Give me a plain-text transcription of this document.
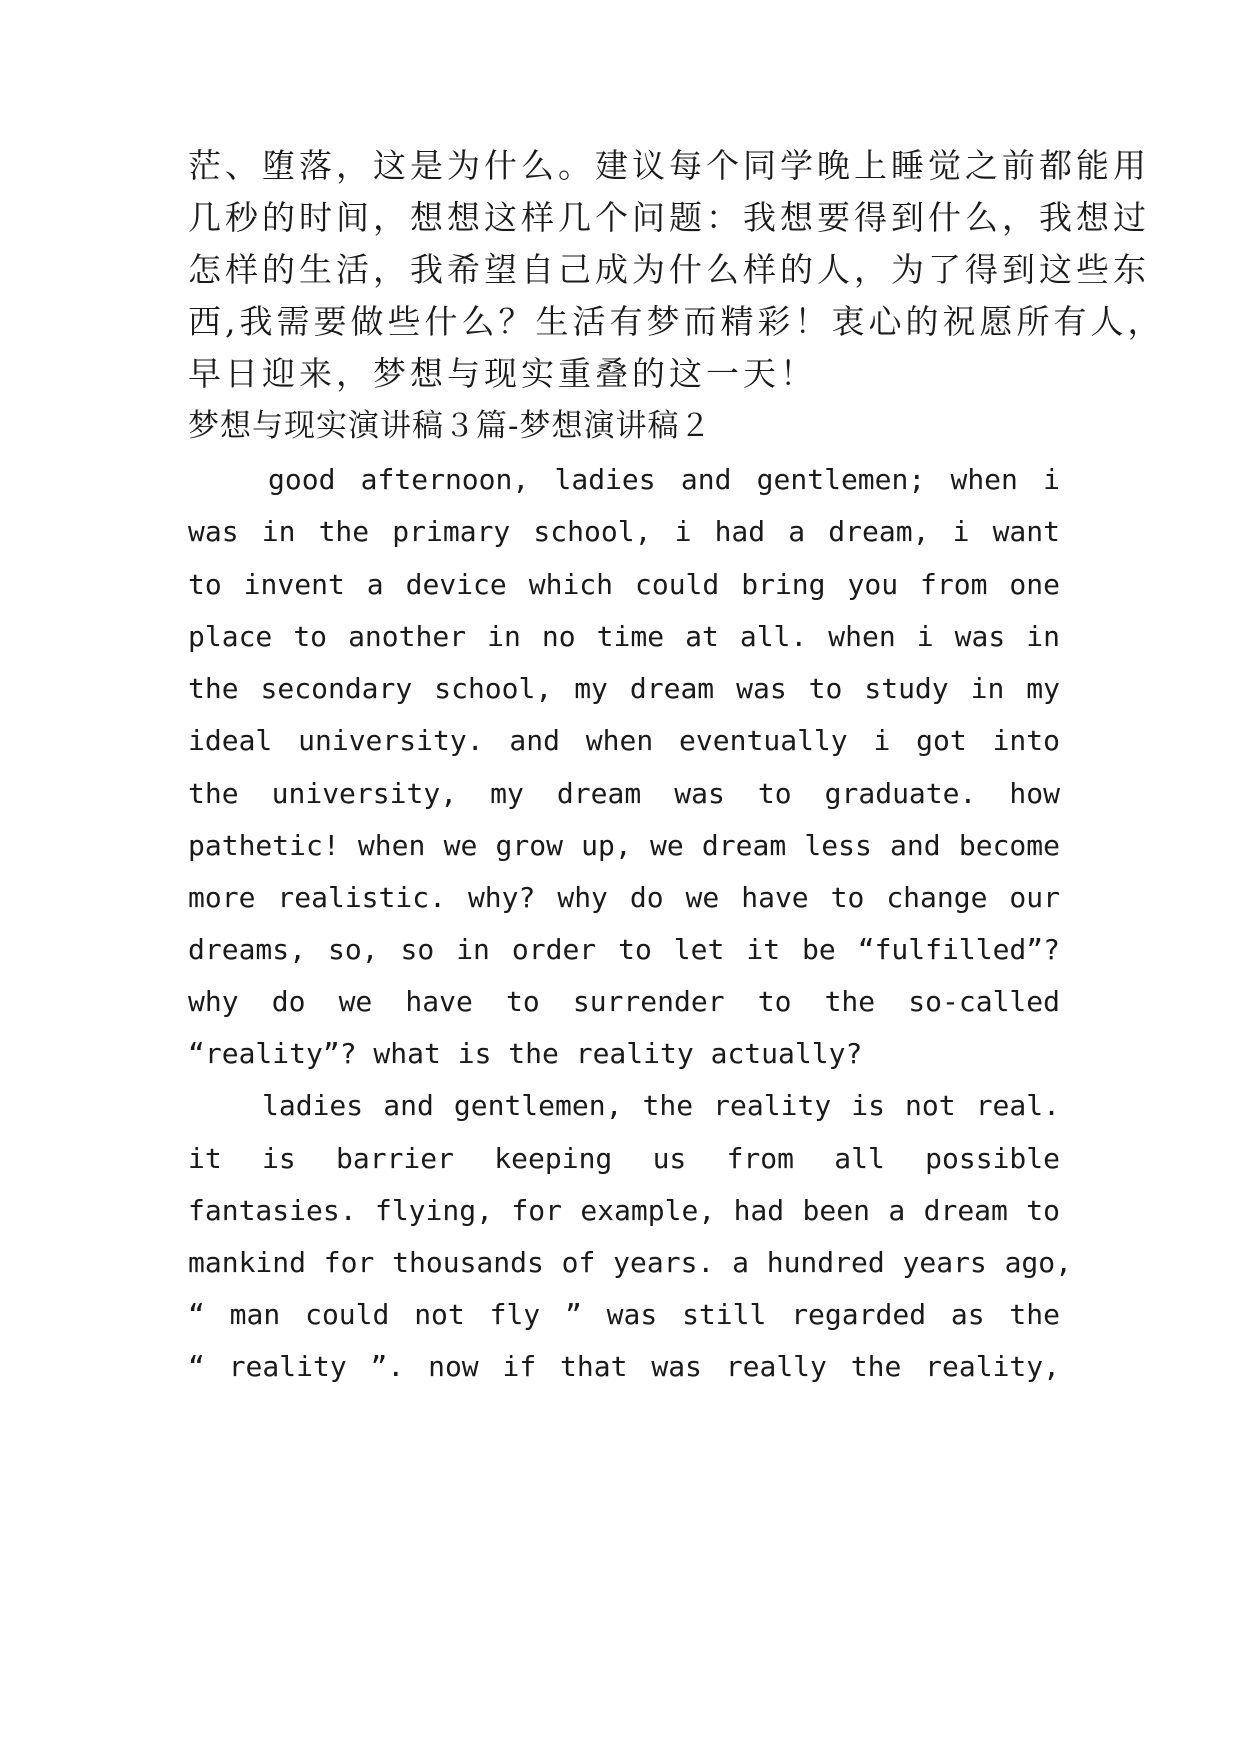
茫、堕落，这是为什么。建议每个同学晚上睡觉之前都能用
几秒的时间，想想这样几个问题：我想要得到什么，我想过
怎样的生活，我希望自己成为什么样的人，为了得到这些东
西,我需要做些什么？生活有梦而精彩！衷心的祝愿所有人，
早日迎来，梦想与现实重叠的这一天！
梦想与现实演讲稿３篇-梦想演讲稿２
good afternoon, ladies and gentlemen; when i
was in the primary school, i had a dream, i want
to invent a device which could bring you from one
place to another in no time at all. when i was in
the secondary school, my dream was to study in my
ideal university. and when eventually i got into
the university, my dream was to graduate. how
pathetic! when we grow up, we dream less and become
more realistic. why? why do we have to change our
dreams, so, so in order to let it be “fulfilled”?
why do we have to surrender to the so-called
“reality”? what is the reality actually?
ladies and gentlemen, the reality is not real.
it is barrier keeping us from all possible
fantasies. flying, for example, had been a dream to
mankind for thousands of years. a hundred years ago,
“ man could not fly ” was still regarded as the
“ reality ”. now if that was really the reality,
